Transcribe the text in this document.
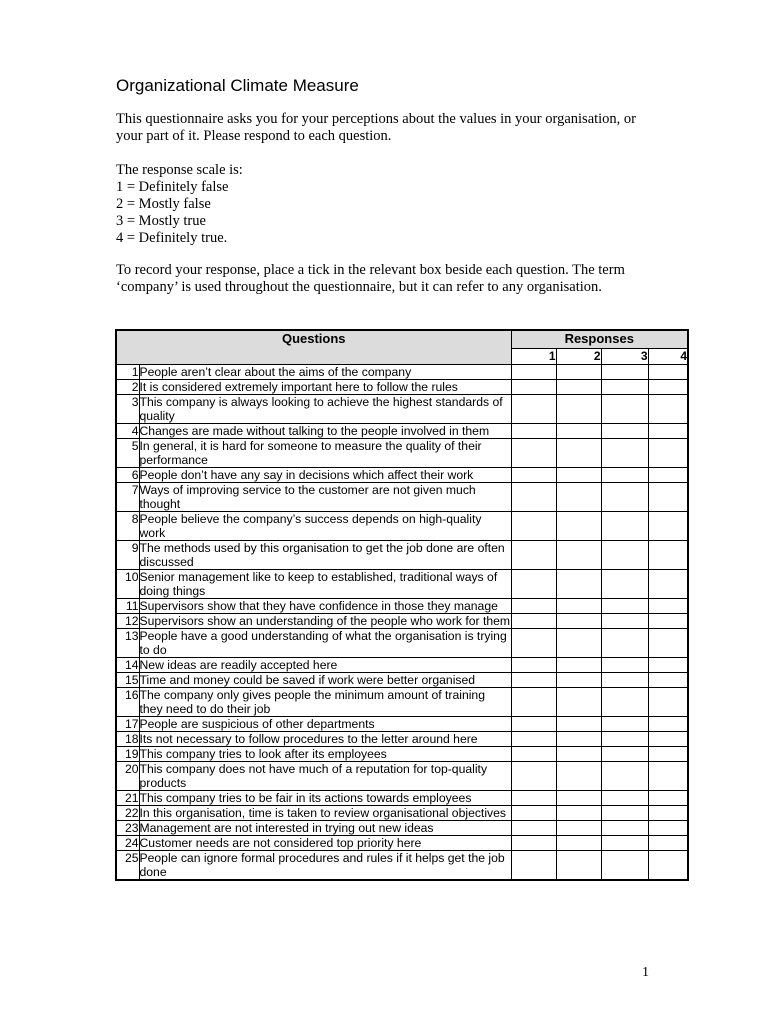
Organizational Climate Measure
This questionnaire asks you for your perceptions about the values in your organisation, or your part of it. Please respond to each question.
The response scale is:
1 = Definitely false
2 = Mostly false
3 = Mostly true
4 = Definitely true.
To record your response, place a tick in the relevant box beside each question. The term ‘company’ is used throughout the questionnaire, but it can refer to any organisation.
Questions		Responses			
		1	2	3	4
1	People aren’t clear about the aims of the company				
2	It is considered extremely important here to follow the rules				
3	This company is always looking to achieve the highest standards of quality				
4	Changes are made without talking to the people involved in them				
5	In general, it is hard for someone to measure the quality of their performance				
6	People don’t have any say in decisions which affect their work				
7	Ways of improving service to the customer are not given much thought				
8	People believe the company’s success depends on high-quality work				
9	The methods used by this organisation to get the job done are often discussed				
10	Senior management like to keep to established, traditional ways of doing things				
11	Supervisors show that they have confidence in those they manage				
12	Supervisors show an understanding of the people who work for them				
13	People have a good understanding of what the organisation is trying to do				
14	New ideas are readily accepted here				
15	Time and money could be saved if work were better organised				
16	The company only gives people the minimum amount of training they need to do their job				
17	People are suspicious of other departments				
18	Its not necessary to follow procedures to the letter around here				
19	This company tries to look after its employees				
20	This company does not have much of a reputation for top-quality products				
21	This company tries to be fair in its actions towards employees				
22	In this organisation, time is taken to review organisational objectives				
23	Management are not interested in trying out new ideas				
24	Customer needs are not considered top priority here				
25	People can ignore formal procedures and rules if it helps get the job done				
1
